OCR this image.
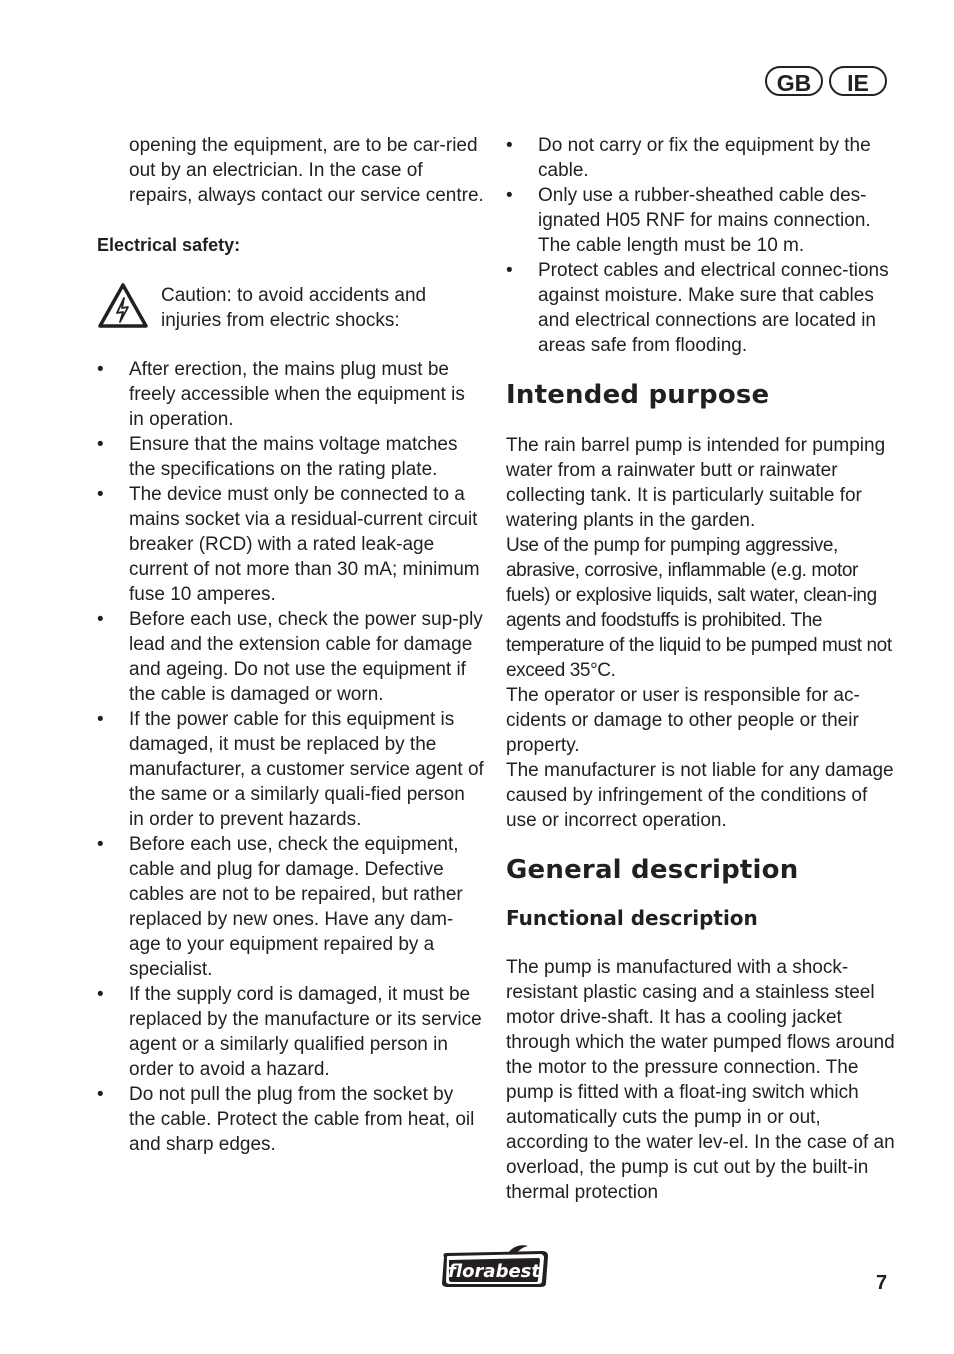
GB	IE

opening the equipment, are to be car-ried out by an electrician. In the case of repairs, always contact our service centre.

Electrical safety:

Caution: to avoid accidents and injuries from electric shocks:

• After erection, the mains plug must be freely accessible when the equipment is in operation.
• Ensure that the mains voltage matches the specifications on the rating plate.
• The device must only be connected to a mains socket via a residual-current circuit breaker (RCD) with a rated leak-age current of not more than 30 mA; minimum fuse 10 amperes.
• Before each use, check the power sup-ply lead and the extension cable for damage and ageing. Do not use the equipment if the cable is damaged or worn.
• If the power cable for this equipment is damaged, it must be replaced by the manufacturer, a customer service agent of the same or a similarly quali-fied person in order to prevent hazards.
• Before each use, check the equipment, cable and plug for damage. Defective cables are not to be repaired, but rather replaced by new ones. Have any dam-age to your equipment repaired by a specialist.
• If the supply cord is damaged, it must be replaced by the manufacture or its service agent or a similarly qualified person in order to avoid a hazard.
• Do not pull the plug from the socket by the cable. Protect the cable from heat, oil and sharp edges.
• Do not carry or fix the equipment by the cable.
• Only use a rubber-sheathed cable des-ignated H05 RNF for mains connection. The cable length must be 10 m.
• Protect cables and electrical connec-tions against moisture. Make sure that cables and electrical connections are located in areas safe from flooding.
Intended purpose

The rain barrel pump is intended for pumping water from a rainwater butt or rainwater collecting tank. It is particularly suitable for watering plants in the garden.

Use of the pump for pumping aggressive, abrasive, corrosive, inflammable (e.g. motor fuels) or explosive liquids, salt water, clean-ing agents and foodstuffs is prohibited. The temperature of the liquid to be pumped must not exceed 35°C.

The operator or user is responsible for ac-cidents or damage to other people or their property.

The manufacturer is not liable for any damage caused by infringement of the conditions of use or incorrect operation.

General description
Functional description

The pump is manufactured with a shock-resistant plastic casing and a stainless steel motor drive-shaft. It has a cooling jacket through which the water pumped flows around the motor to the pressure connection. The pump is fitted with a float-ing switch which automatically cuts the pump in or out, according to the water lev-el. In the case of an overload, the pump is cut out by the built-in thermal protection

florabest
7
